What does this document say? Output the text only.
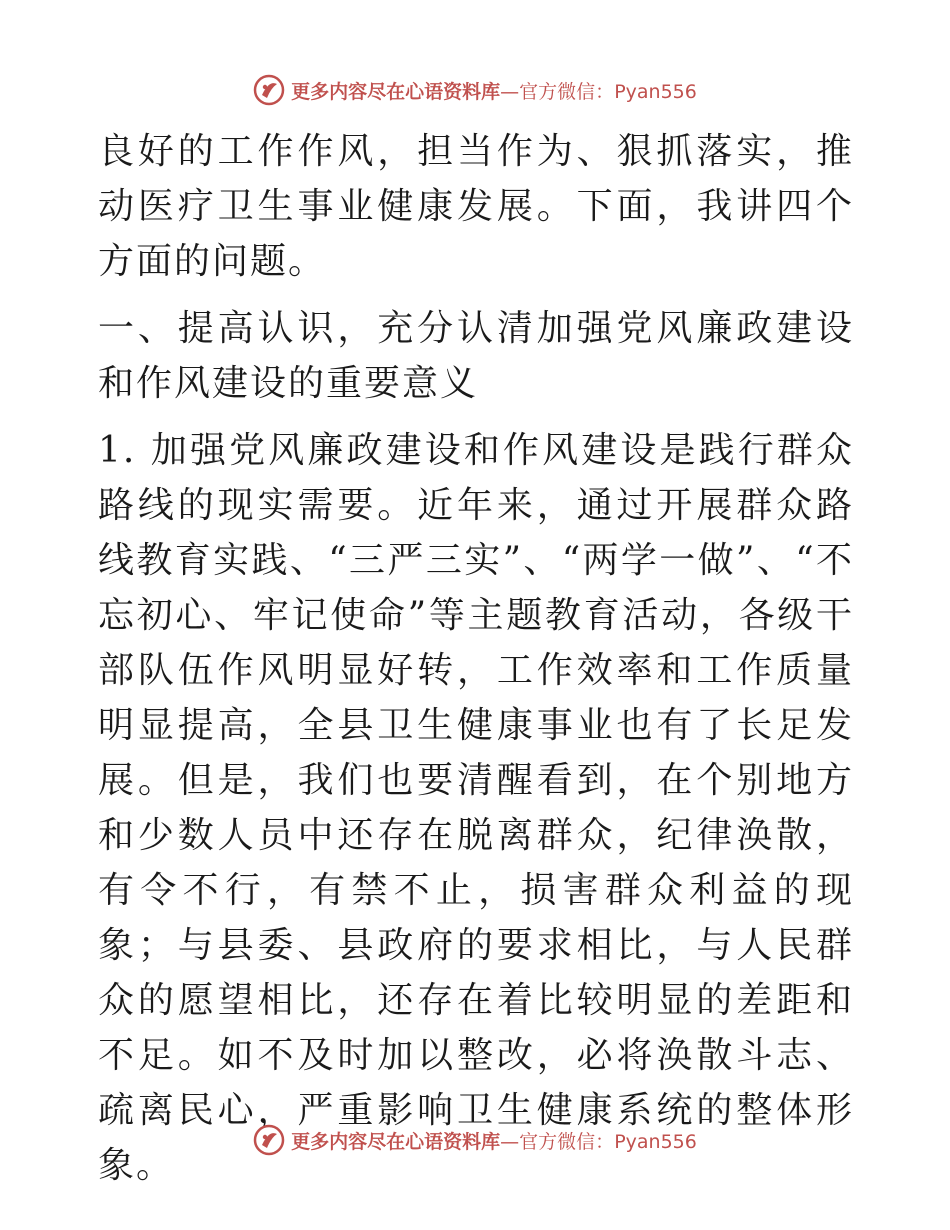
更多内容尽在心语资料库—官方微信：Pyan556

良好的工作作风，担当作为、狠抓落实，推动医疗卫生事业健康发展。下面，我讲四个方面的问题。

一、提高认识，充分认清加强党风廉政建设和作风建设的重要意义

1. 加强党风廉政建设和作风建设是践行群众路线的现实需要。近年来，通过开展群众路线教育实践、“三严三实”、“两学一做”、“不忘初心、牢记使命”等主题教育活动，各级干部队伍作风明显好转，工作效率和工作质量明显提高，全县卫生健康事业也有了长足发展。但是，我们也要清醒看到，在个别地方和少数人员中还存在脱离群众，纪律涣散，有令不行，有禁不止，损害群众利益的现象；与县委、县政府的要求相比，与人民群众的愿望相比，还存在着比较明显的差距和不足。如不及时加以整改，必将涣散斗志、疏离民心，严重影响卫生健康系统的整体形象。

更多内容尽在心语资料库—官方微信：Pyan556
